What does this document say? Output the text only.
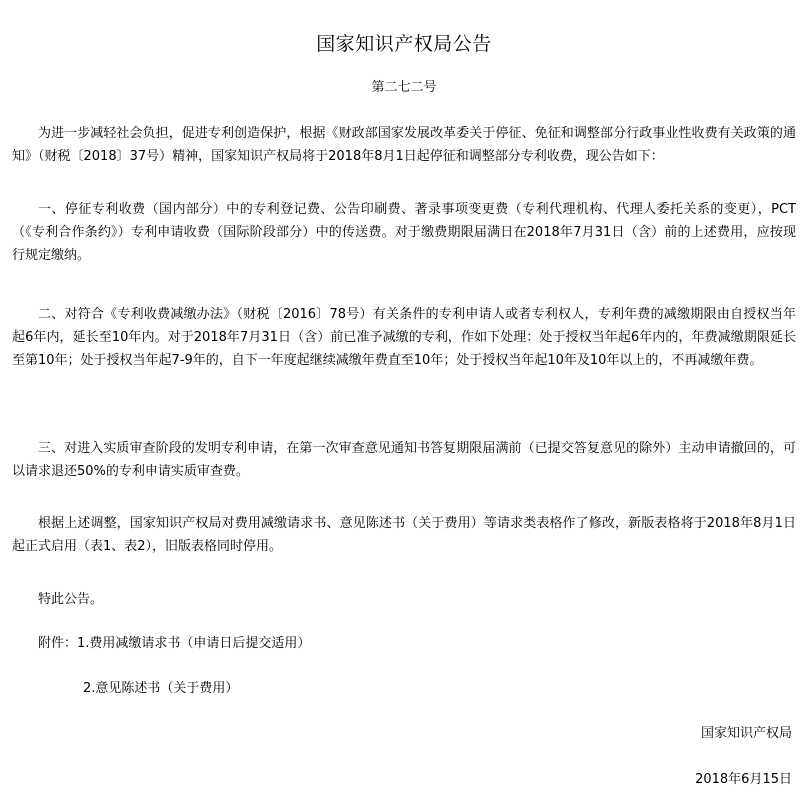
国家知识产权局公告
第二七二号

为进一步减轻社会负担，促进专利创造保护，根据《财政部国家发展改革委关于停征、免征和调整部分行政事业性收费有关政策的通知》（财税〔2018〕37号）精神，国家知识产权局将于2018年8月1日起停征和调整部分专利收费，现公告如下：

一、停征专利收费（国内部分）中的专利登记费、公告印刷费、著录事项变更费（专利代理机构、代理人委托关系的变更），PCT（《专利合作条约》）专利申请收费（国际阶段部分）中的传送费。对于缴费期限届满日在2018年7月31日（含）前的上述费用，应按现行规定缴纳。

二、对符合《专利收费减缴办法》（财税〔2016〕78号）有关条件的专利申请人或者专利权人，专利年费的减缴期限由自授权当年起6年内，延长至10年内。对于2018年7月31日（含）前已准予减缴的专利，作如下处理：处于授权当年起6年内的，年费减缴期限延长至第10年；处于授权当年起7-9年的，自下一年度起继续减缴年费直至10年；处于授权当年起10年及10年以上的，不再减缴年费。

三、对进入实质审查阶段的发明专利申请，在第一次审查意见通知书答复期限届满前（已提交答复意见的除外）主动申请撤回的，可以请求退还50%的专利申请实质审查费。

根据上述调整，国家知识产权局对费用减缴请求书、意见陈述书（关于费用）等请求类表格作了修改，新版表格将于2018年8月1日起正式启用（表1、表2），旧版表格同时停用。

特此公告。

附件：1.费用减缴请求书（申请日后提交适用）
2.意见陈述书（关于费用）
国家知识产权局
2018年6月15日
